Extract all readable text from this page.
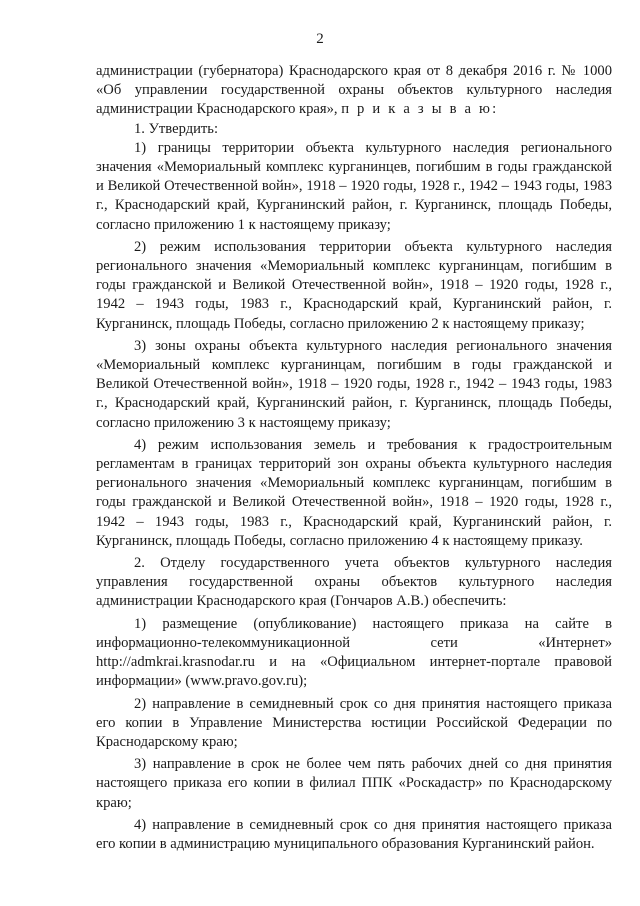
2

администрации (губернатора) Краснодарского края от 8 декабря 2016 г. № 1000 «Об управлении государственной охраны объектов культурного наследия администрации Краснодарского края», п р и к а з ы в а ю:

1. Утвердить:

1) границы территории объекта культурного наследия регионального значения «Мемориальный комплекс курганинцев, погибшим в годы гражданской и Великой Отечественной войн», 1918 – 1920 годы, 1928 г., 1942 – 1943 годы, 1983 г., Краснодарский край, Курганинский район, г. Курганинск, площадь Победы, согласно приложению 1 к настоящему приказу;

2) режим использования территории объекта культурного наследия регионального значения «Мемориальный комплекс курганинцам, погибшим в годы гражданской и Великой Отечественной войн», 1918 – 1920 годы, 1928 г., 1942 – 1943 годы, 1983 г., Краснодарский край, Курганинский район, г. Курганинск, площадь Победы, согласно приложению 2 к настоящему приказу;

3) зоны охраны объекта культурного наследия регионального значения «Мемориальный комплекс курганинцам, погибшим в годы гражданской и Великой Отечественной войн», 1918 – 1920 годы, 1928 г., 1942 – 1943 годы, 1983 г., Краснодарский край, Курганинский район, г. Курганинск, площадь Победы, согласно приложению 3 к настоящему приказу;

4) режим использования земель и требования к градостроительным регламентам в границах территорий зон охраны объекта культурного наследия регионального значения «Мемориальный комплекс курганинцам, погибшим в годы гражданской и Великой Отечественной войн», 1918 – 1920 годы, 1928 г., 1942 – 1943 годы, 1983 г., Краснодарский край, Курганинский район, г. Курганинск, площадь Победы, согласно приложению 4 к настоящему приказу.

2. Отделу государственного учета объектов культурного наследия управления государственной охраны объектов культурного наследия администрации Краснодарского края (Гончаров А.В.) обеспечить:

1) размещение (опубликование) настоящего приказа на сайте в информационно-телекоммуникационной сети «Интернет» http://admkrai.krasnodar.ru и на «Официальном интернет-портале правовой информации» (www.pravo.gov.ru);

2) направление в семидневный срок со дня принятия настоящего приказа его копии в Управление Министерства юстиции Российской Федерации по Краснодарскому краю;

3) направление в срок не более чем пять рабочих дней со дня принятия настоящего приказа его копии в филиал ППК «Роскадастр» по Краснодарскому краю;

4) направление в семидневный срок со дня принятия настоящего приказа его копии в администрацию муниципального образования Курганинский район.
